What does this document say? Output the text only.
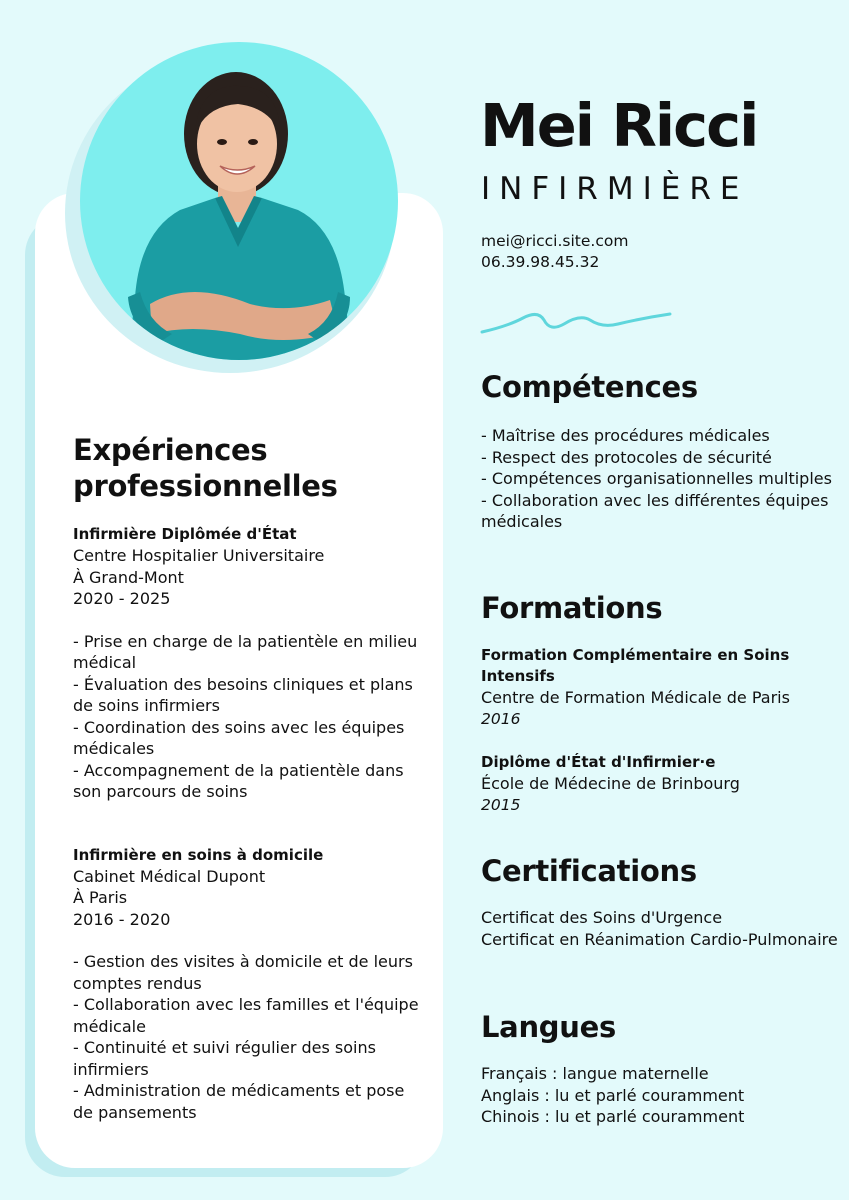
Expériences professionnelles
Infirmière Diplômée d'État
Centre Hospitalier Universitaire
À Grand-Mont
2020 - 2025
- Prise en charge de la patientèle en milieu médical
- Évaluation des besoins cliniques et plans de soins infirmiers
- Coordination des soins avec les équipes médicales
- Accompagnement de la patientèle dans son parcours de soins
Infirmière en soins à domicile
Cabinet Médical Dupont
À Paris
2016 - 2020
- Gestion des visites à domicile et de leurs comptes rendus
- Collaboration avec les familles et l'équipe médicale
- Continuité et suivi régulier des soins infirmiers
- Administration de médicaments et pose de pansements
Mei Ricci
INFIRMIÈRE
mei@ricci.site.com
06.39.98.45.32
Compétences
- Maîtrise des procédures médicales
- Respect des protocoles de sécurité
- Compétences organisationnelles multiples
- Collaboration avec les différentes équipes médicales
Formations
Formation Complémentaire en Soins Intensifs
Centre de Formation Médicale de Paris
2016
Diplôme d'État d'Infirmier·e
École de Médecine de Brinbourg
2015
Certifications
Certificat des Soins d'Urgence
Certificat en Réanimation Cardio-Pulmonaire
Langues
Français : langue maternelle
Anglais : lu et parlé couramment
Chinois : lu et parlé couramment
